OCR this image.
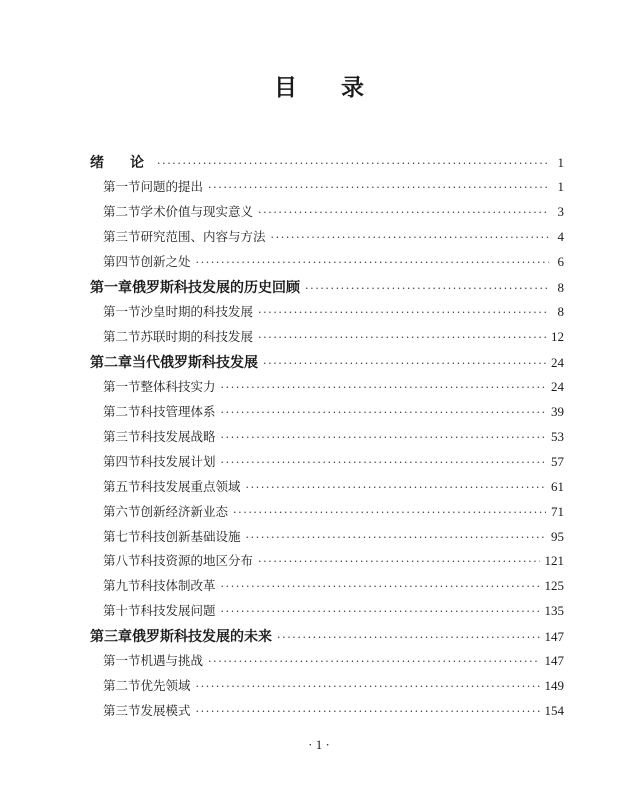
目录
绪论 ·····	1
第一节 问题的提出 ·····	1
第二节 学术价值与现实意义 ·····	3
第三节 研究范围、内容与方法 ·····	4
第四节 创新之处 ·····	6
第一章 俄罗斯科技发展的历史回顾 ·····	8
第一节 沙皇时期的科技发展 ·····	8
第二节 苏联时期的科技发展 ·····	12
第二章 当代俄罗斯科技发展 ·····	24
第一节 整体科技实力 ·····	24
第二节 科技管理体系 ·····	39
第三节 科技发展战略 ·····	53
第四节 科技发展计划 ·····	57
第五节 科技发展重点领域 ·····	61
第六节 创新经济新业态 ·····	71
第七节 科技创新基础设施 ·····	95
第八节 科技资源的地区分布 ·····	121
第九节 科技体制改革 ·····	125
第十节 科技发展问题 ·····	135
第三章 俄罗斯科技发展的未来 ·····	147
第一节 机遇与挑战 ·····	147
第二节 优先领域 ·····	149
第三节 发展模式 ·····	154
· 1 ·
